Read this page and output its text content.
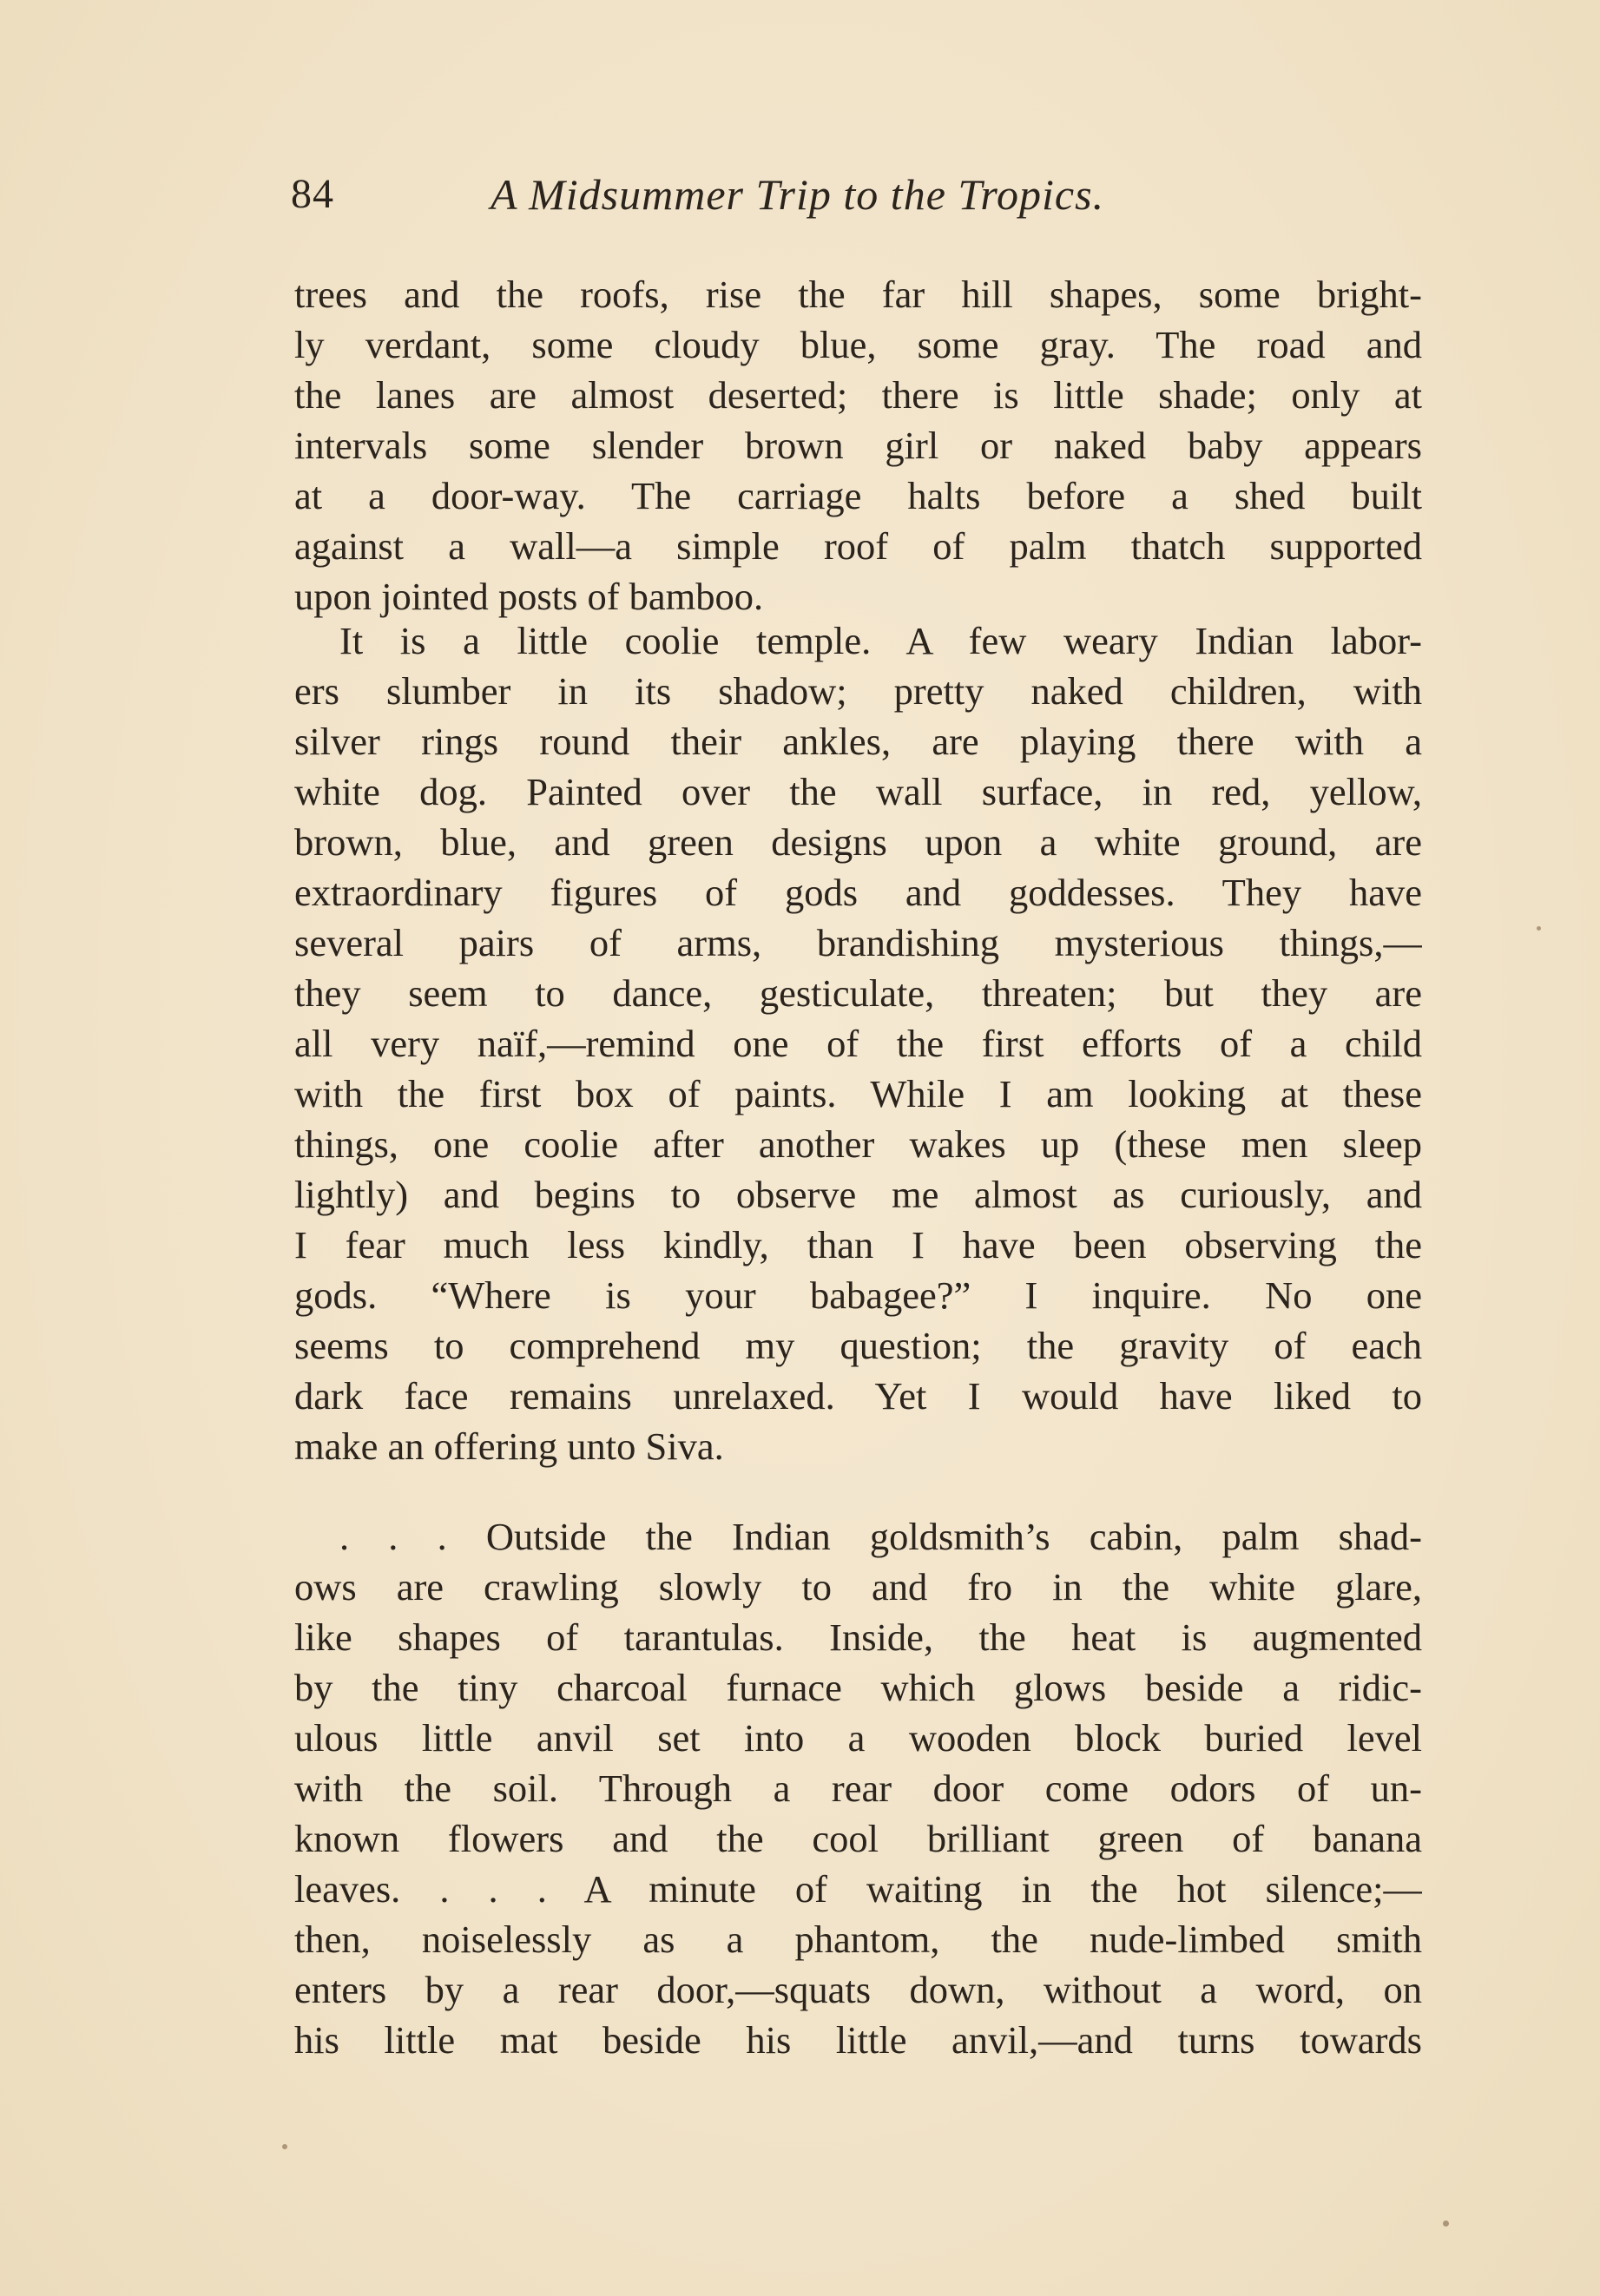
84	A Midsummer Trip to the Tropics.
trees and the roofs, rise the far hill shapes, some bright-
ly verdant, some cloudy blue, some gray. The road and
the lanes are almost deserted; there is little shade; only at
intervals some slender brown girl or naked baby appears
at a door-way. The carriage halts before a shed built
against a wall—a simple roof of palm thatch supported
upon jointed posts of bamboo.
It is a little coolie temple. A few weary Indian labor-
ers slumber in its shadow; pretty naked children, with
silver rings round their ankles, are playing there with a
white dog. Painted over the wall surface, in red, yellow,
brown, blue, and green designs upon a white ground, are
extraordinary figures of gods and goddesses. They have
several pairs of arms, brandishing mysterious things,—
they seem to dance, gesticulate, threaten; but they are
all very naïf,—remind one of the first efforts of a child
with the first box of paints. While I am looking at these
things, one coolie after another wakes up (these men sleep
lightly) and begins to observe me almost as curiously, and
I fear much less kindly, than I have been observing the
gods. “Where is your babagee?” I inquire. No one
seems to comprehend my question; the gravity of each
dark face remains unrelaxed. Yet I would have liked to
make an offering unto Siva.
. . . Outside the Indian goldsmith’s cabin, palm shad-
ows are crawling slowly to and fro in the white glare,
like shapes of tarantulas. Inside, the heat is augmented
by the tiny charcoal furnace which glows beside a ridic-
ulous little anvil set into a wooden block buried level
with the soil. Through a rear door come odors of un-
known flowers and the cool brilliant green of banana
leaves. . . . A minute of waiting in the hot silence;—
then, noiselessly as a phantom, the nude-limbed smith
enters by a rear door,—squats down, without a word, on
his little mat beside his little anvil,—and turns towards
